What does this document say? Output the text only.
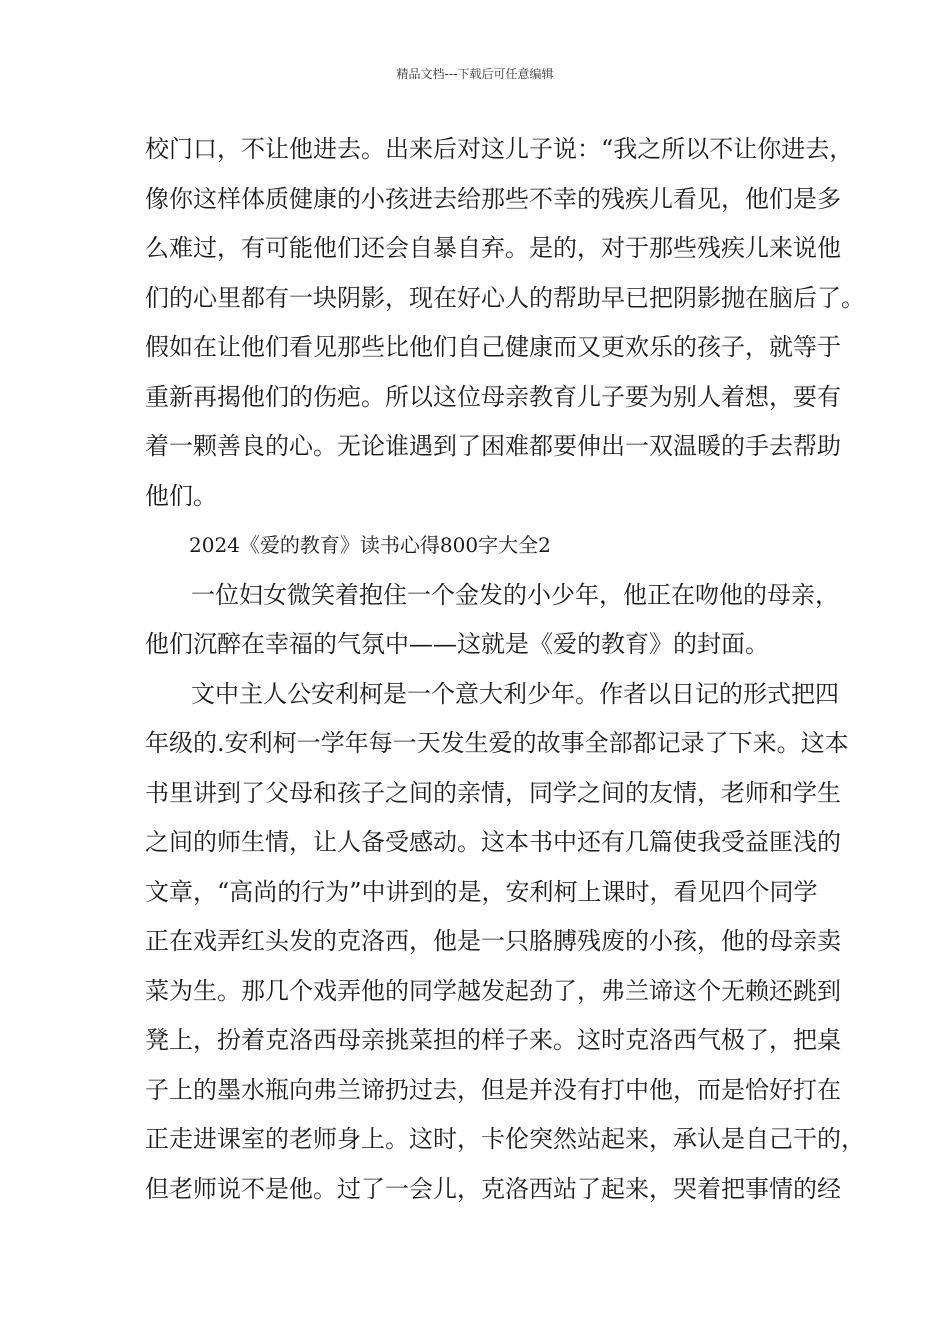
精品文档---下载后可任意编辑
校门口，不让他进去。出来后对这儿子说：“我之所以不让你进去，
像你这样体质健康的小孩进去给那些不幸的残疾儿看见，他们是多
么难过，有可能他们还会自暴自弃。是的，对于那些残疾儿来说他
们的心里都有一块阴影，现在好心人的帮助早已把阴影抛在脑后了。
假如在让他们看见那些比他们自己健康而又更欢乐的孩子，就等于
重新再揭他们的伤疤。所以这位母亲教育儿子要为别人着想，要有
着一颗善良的心。无论谁遇到了困难都要伸出一双温暖的手去帮助
他们。
2024《爱的教育》读书心得800字大全2
一位妇女微笑着抱住一个金发的小少年，他正在吻他的母亲，
他们沉醉在幸福的气氛中——这就是《爱的教育》的封面。
文中主人公安利柯是一个意大利少年。作者以日记的形式把四
年级的.安利柯一学年每一天发生爱的故事全部都记录了下来。这本
书里讲到了父母和孩子之间的亲情，同学之间的友情，老师和学生
之间的师生情，让人备受感动。这本书中还有几篇使我受益匪浅的
文章，“高尚的行为”中讲到的是，安利柯上课时，看见四个同学
正在戏弄红头发的克洛西，他是一只胳膊残废的小孩，他的母亲卖
菜为生。那几个戏弄他的同学越发起劲了，弗兰谛这个无赖还跳到
凳上，扮着克洛西母亲挑菜担的样子来。这时克洛西气极了，把桌
子上的墨水瓶向弗兰谛扔过去，但是并没有打中他，而是恰好打在
正走进课室的老师身上。这时，卡伦突然站起来，承认是自己干的，
但老师说不是他。过了一会儿，克洛西站了起来，哭着把事情的经
